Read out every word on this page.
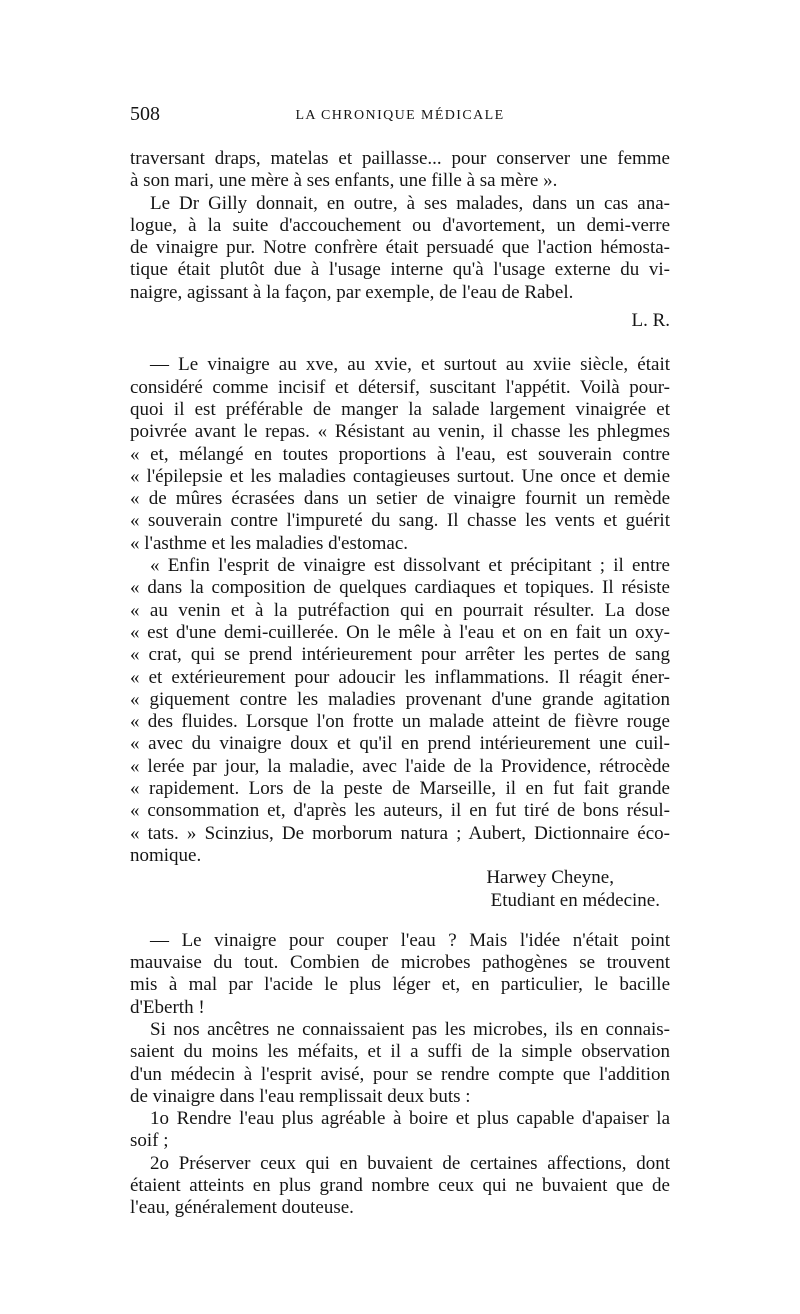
508	LA CHRONIQUE MÉDICALE
traversant draps, matelas et paillasse... pour conserver une femme
à son mari, une mère à ses enfants, une fille à sa mère ».
Le Dr Gilly donnait, en outre, à ses malades, dans un cas ana-
logue, à la suite d'accouchement ou d'avortement, un demi-verre
de vinaigre pur. Notre confrère était persuadé que l'action hémosta-
tique était plutôt due à l'usage interne qu'à l'usage externe du vi-
naigre, agissant à la façon, par exemple, de l'eau de Rabel.
L. R.
— Le vinaigre au xve, au xvie, et surtout au xviie siècle, était
considéré comme incisif et détersif, suscitant l'appétit. Voilà pour-
quoi il est préférable de manger la salade largement vinaigrée et
poivrée avant le repas. « Résistant au venin, il chasse les phlegmes
« et, mélangé en toutes proportions à l'eau, est souverain contre
« l'épilepsie et les maladies contagieuses surtout. Une once et demie
« de mûres écrasées dans un setier de vinaigre fournit un remède
« souverain contre l'impureté du sang. Il chasse les vents et guérit
« l'asthme et les maladies d'estomac.
« Enfin l'esprit de vinaigre est dissolvant et précipitant ; il entre
« dans la composition de quelques cardiaques et topiques. Il résiste
« au venin et à la putréfaction qui en pourrait résulter. La dose
« est d'une demi-cuillerée. On le mêle à l'eau et on en fait un oxy-
« crat, qui se prend intérieurement pour arrêter les pertes de sang
« et extérieurement pour adoucir les inflammations. Il réagit éner-
« giquement contre les maladies provenant d'une grande agitation
« des fluides. Lorsque l'on frotte un malade atteint de fièvre rouge
« avec du vinaigre doux et qu'il en prend intérieurement une cuil-
« lerée par jour, la maladie, avec l'aide de la Providence, rétrocède
« rapidement. Lors de la peste de Marseille, il en fut fait grande
« consommation et, d'après les auteurs, il en fut tiré de bons résul-
« tats. » Scinzius, De morborum natura ; Aubert, Dictionnaire éco-
nomique.
Harwey Cheyne,
Etudiant en médecine.
— Le vinaigre pour couper l'eau ? Mais l'idée n'était point
mauvaise du tout. Combien de microbes pathogènes se trouvent
mis à mal par l'acide le plus léger et, en particulier, le bacille
d'Eberth !
Si nos ancêtres ne connaissaient pas les microbes, ils en connais-
saient du moins les méfaits, et il a suffi de la simple observation
d'un médecin à l'esprit avisé, pour se rendre compte que l'addition
de vinaigre dans l'eau remplissait deux buts :
1o Rendre l'eau plus agréable à boire et plus capable d'apaiser la
soif ;
2o Préserver ceux qui en buvaient de certaines affections, dont
étaient atteints en plus grand nombre ceux qui ne buvaient que de
l'eau, généralement douteuse.
